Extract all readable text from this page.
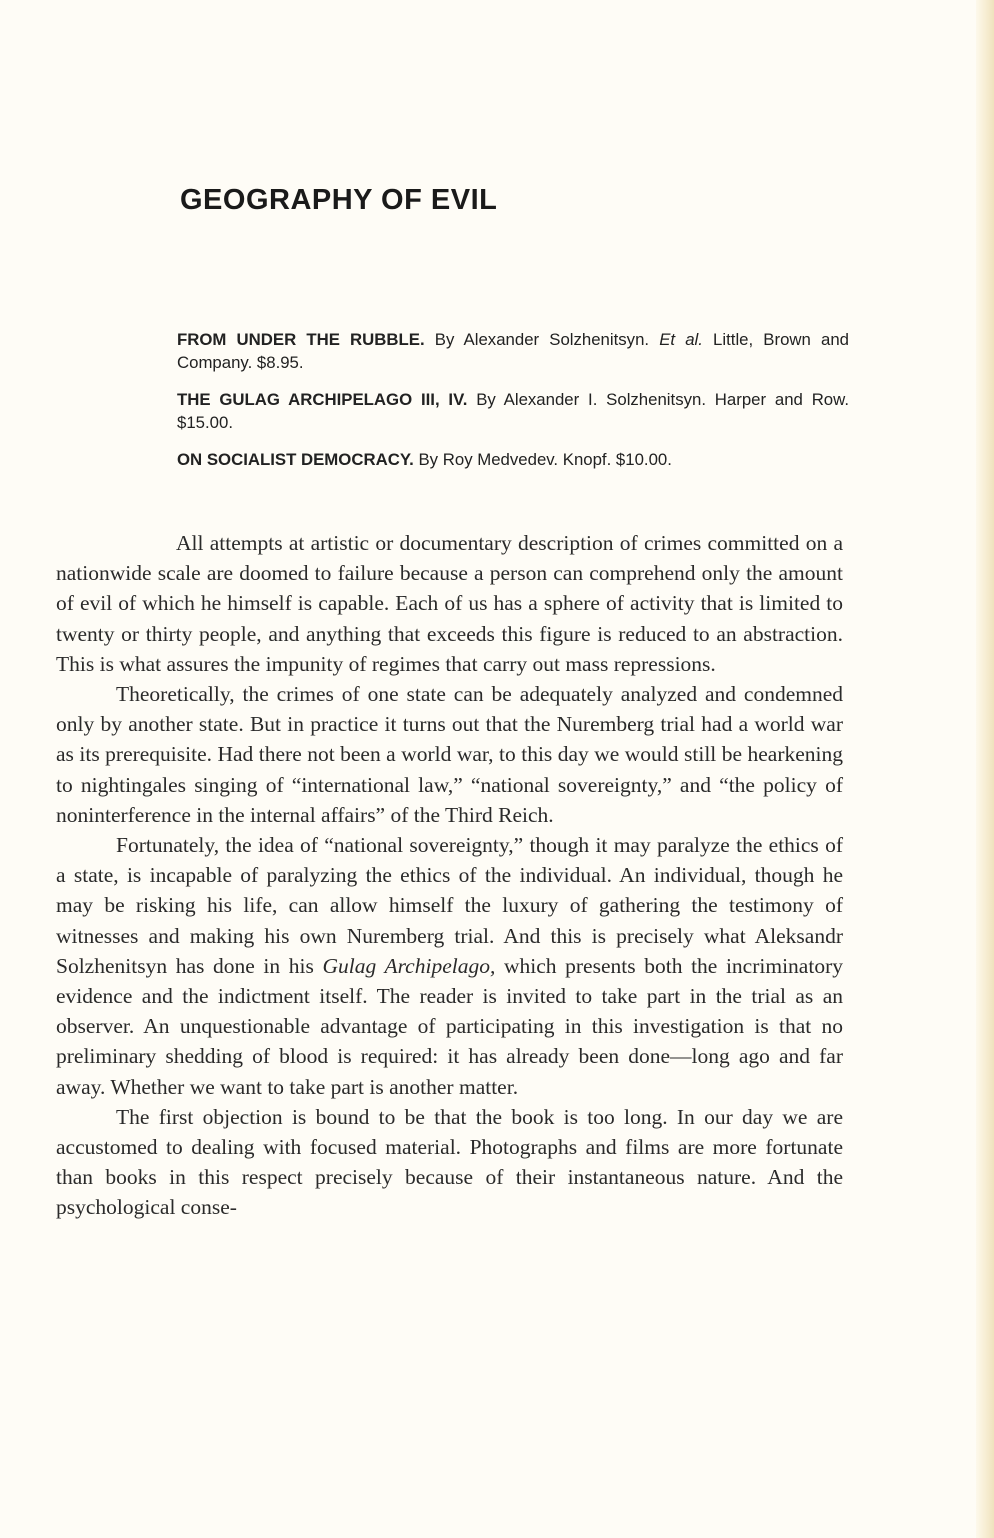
GEOGRAPHY OF EVIL

FROM UNDER THE RUBBLE. By Alexander Solzhenitsyn. Et al. Little, Brown and Company. $8.95.

THE GULAG ARCHIPELAGO III, IV. By Alexander I. Solzhenitsyn. Harper and Row. $15.00.

ON SOCIALIST DEMOCRACY. By Roy Medvedev. Knopf. $10.00.

All attempts at artistic or documentary description of crimes committed on a nationwide scale are doomed to failure because a person can comprehend only the amount of evil of which he himself is capable. Each of us has a sphere of activity that is limited to twenty or thirty people, and anything that exceeds this figure is reduced to an abstraction. This is what assures the impunity of regimes that carry out mass repressions.

Theoretically, the crimes of one state can be adequately analyzed and condemned only by another state. But in practice it turns out that the Nuremberg trial had a world war as its prerequisite. Had there not been a world war, to this day we would still be hearkening to nightingales singing of “international law,” “national sovereignty,” and “the policy of noninterference in the internal affairs” of the Third Reich.

Fortunately, the idea of “national sovereignty,” though it may paralyze the ethics of a state, is incapable of paralyzing the ethics of the individual. An individual, though he may be risking his life, can allow himself the luxury of gathering the testimony of witnesses and making his own Nuremberg trial. And this is precisely what Aleksandr Solzhenitsyn has done in his Gulag Archipelago, which presents both the incriminatory evidence and the indictment itself. The reader is invited to take part in the trial as an observer. An unquestionable advantage of participating in this investigation is that no preliminary shedding of blood is required: it has already been done—long ago and far away. Whether we want to take part is another matter.

The first objection is bound to be that the book is too long. In our day we are accustomed to dealing with focused material. Photographs and films are more fortunate than books in this respect precisely because of their instantaneous nature. And the psychological conse-
